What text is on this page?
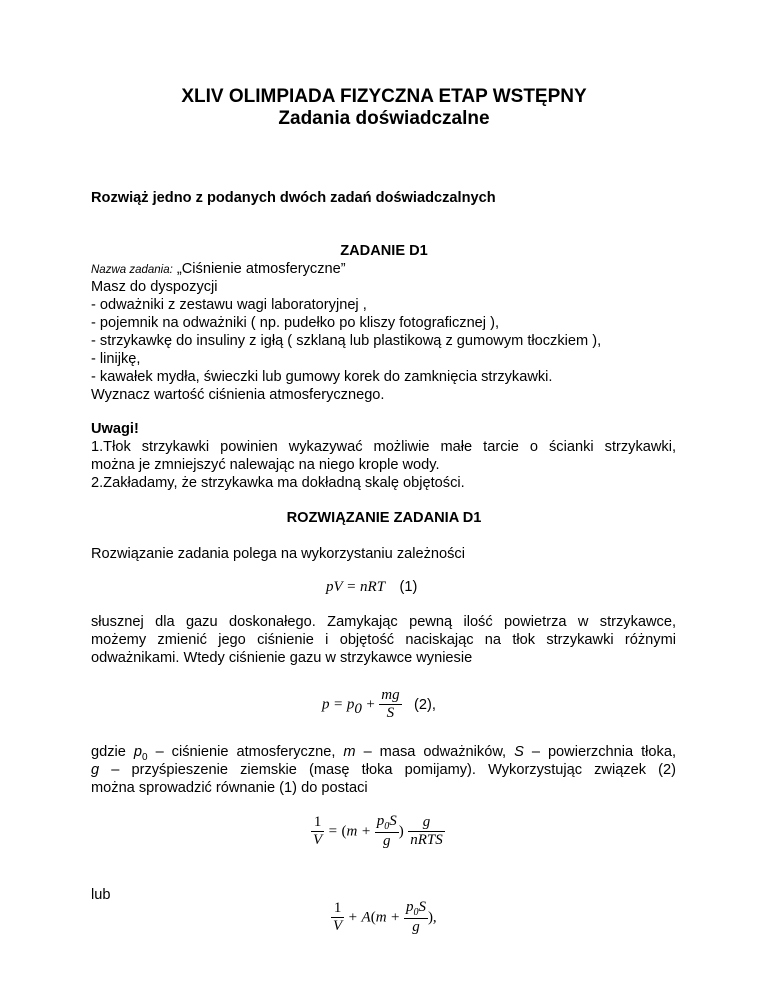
XLIV OLIMPIADA FIZYCZNA ETAP WSTĘPNY
Zadania doświadczalne
Rozwiąż jedno z podanych dwóch zadań doświadczalnych
ZADANIE D1
Nazwa zadania: „Ciśnienie atmosferyczne”
Masz do dyspozycji
- odważniki z zestawu wagi laboratoryjnej ,
- pojemnik na odważniki ( np. pudełko po kliszy fotograficznej ),
- strzykawkę do insuliny z igłą ( szklaną lub plastikową z gumowym tłoczkiem ),
- linijkę,
- kawałek mydła, świeczki lub gumowy korek do zamknięcia strzykawki.
Wyznacz wartość ciśnienia atmosferycznego.
Uwagi!
1.Tłok strzykawki powinien wykazywać możliwie małe tarcie o ścianki strzykawki,
można je zmniejszyć nalewając na niego krople wody.
2.Zakładamy, że strzykawka ma dokładną skalę objętości.
ROZWIĄZANIE ZADANIA D1
Rozwiązanie zadania polega na wykorzystaniu zależności
pV = nRT (1)
słusznej dla gazu doskonałego. Zamykając pewną ilość powietrza w strzykawce,
możemy zmienić jego ciśnienie i objętość naciskając na tłok strzykawki różnymi
odważnikami. Wtedy ciśnienie gazu w strzykawce wyniesie
$p = p_0 + \frac{mg}{S} (2)$,
gdzie $p_0$ – ciśnienie atmosferyczne, m – masa odważników, S – powierzchnia tłoka,
g – przyśpieszenie ziemskie (masę tłoka pomijamy). Wykorzystując związek (2)
można sprowadzić równanie (1) do postaci
$\frac{1}{V} = (m + \frac{p_0S}{g}$ ) $\frac{g}{\text{nRTS}}$
lub
$\frac{1}{V} + A(m + \frac{p_0S}{g}$ ),
